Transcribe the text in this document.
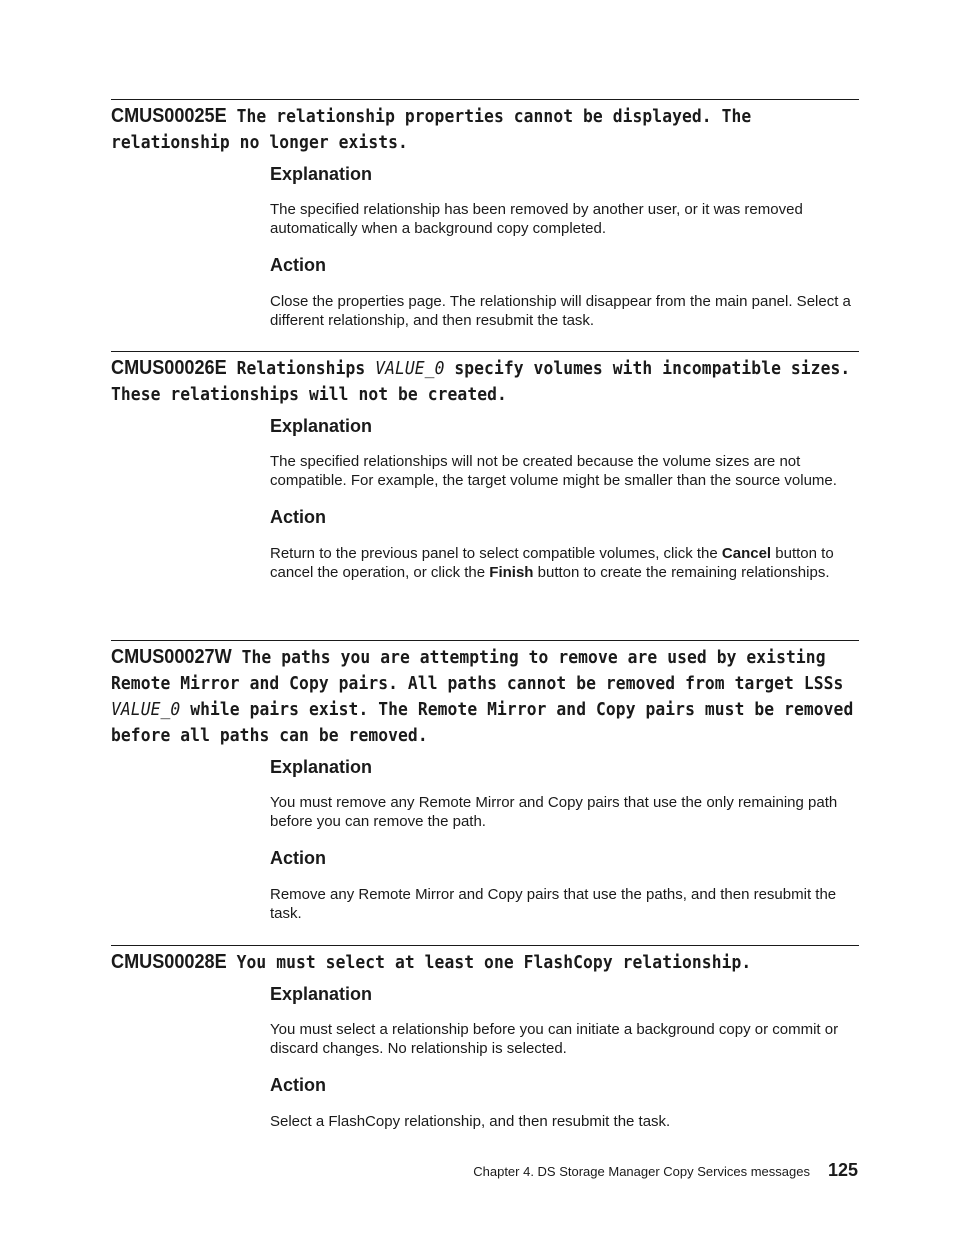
CMUS00025E The relationship properties cannot be displayed. The relationship no longer exists.

Explanation

The specified relationship has been removed by another user, or it was removed automatically when a background copy completed.

Action

Close the properties page. The relationship will disappear from the main panel. Select a different relationship, and then resubmit the task.

CMUS00026E Relationships VALUE_0 specify volumes with incompatible sizes. These relationships will not be created.

Explanation

The specified relationships will not be created because the volume sizes are not compatible. For example, the target volume might be smaller than the source volume.

Action

Return to the previous panel to select compatible volumes, click the Cancel button to cancel the operation, or click the Finish button to create the remaining relationships.

CMUS00027W The paths you are attempting to remove are used by existing Remote Mirror and Copy pairs. All paths cannot be removed from target LSSs VALUE_0 while pairs exist. The Remote Mirror and Copy pairs must be removed before all paths can be removed.

Explanation

You must remove any Remote Mirror and Copy pairs that use the only remaining path before you can remove the path.

Action

Remove any Remote Mirror and Copy pairs that use the paths, and then resubmit the task.

CMUS00028E You must select at least one FlashCopy relationship.

Explanation

You must select a relationship before you can initiate a background copy or commit or discard changes. No relationship is selected.

Action

Select a FlashCopy relationship, and then resubmit the task.

Chapter 4. DS Storage Manager Copy Services messages 125
